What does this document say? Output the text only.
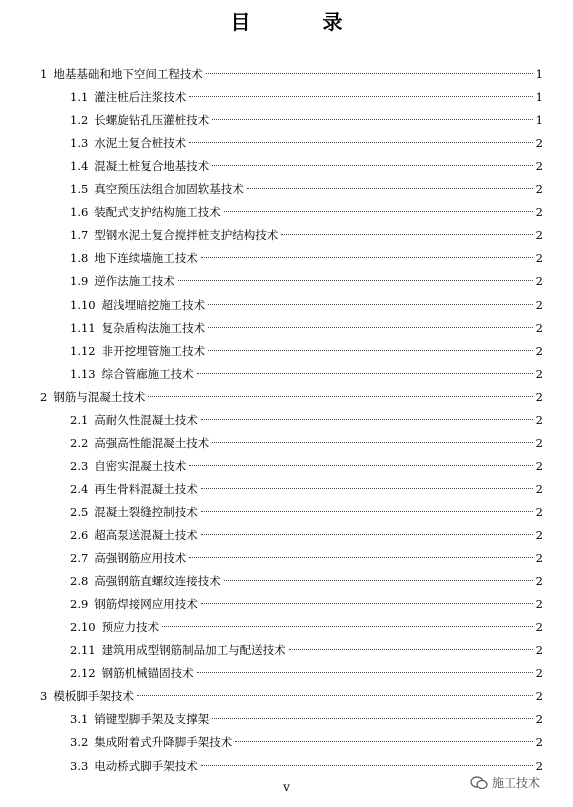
目　录
1 地基基础和地下空间工程技术	1
1.1 灌注桩后注浆技术	1
1.2 长螺旋钻孔压灌桩技术	1
1.3 水泥土复合桩技术	2
1.4 混凝土桩复合地基技术	2
1.5 真空预压法组合加固软基技术	2
1.6 装配式支护结构施工技术	2
1.7 型钢水泥土复合搅拌桩支护结构技术	2
1.8 地下连续墙施工技术	2
1.9 逆作法施工技术	2
1.10 超浅埋暗挖施工技术	2
1.11 复杂盾构法施工技术	2
1.12 非开挖埋管施工技术	2
1.13 综合管廊施工技术	2
2 钢筋与混凝土技术	2
2.1 高耐久性混凝土技术	2
2.2 高强高性能混凝土技术	2
2.3 自密实混凝土技术	2
2.4 再生骨料混凝土技术	2
2.5 混凝土裂缝控制技术	2
2.6 超高泵送混凝土技术	2
2.7 高强钢筋应用技术	2
2.8 高强钢筋直螺纹连接技术	2
2.9 钢筋焊接网应用技术	2
2.10 预应力技术	2
2.11 建筑用成型钢筋制品加工与配送技术	2
2.12 钢筋机械锚固技术	2
3 模板脚手架技术	2
3.1 销键型脚手架及支撑架	2
3.2 集成附着式升降脚手架技术	2
3.3 电动桥式脚手架技术	2
v	施工技术
